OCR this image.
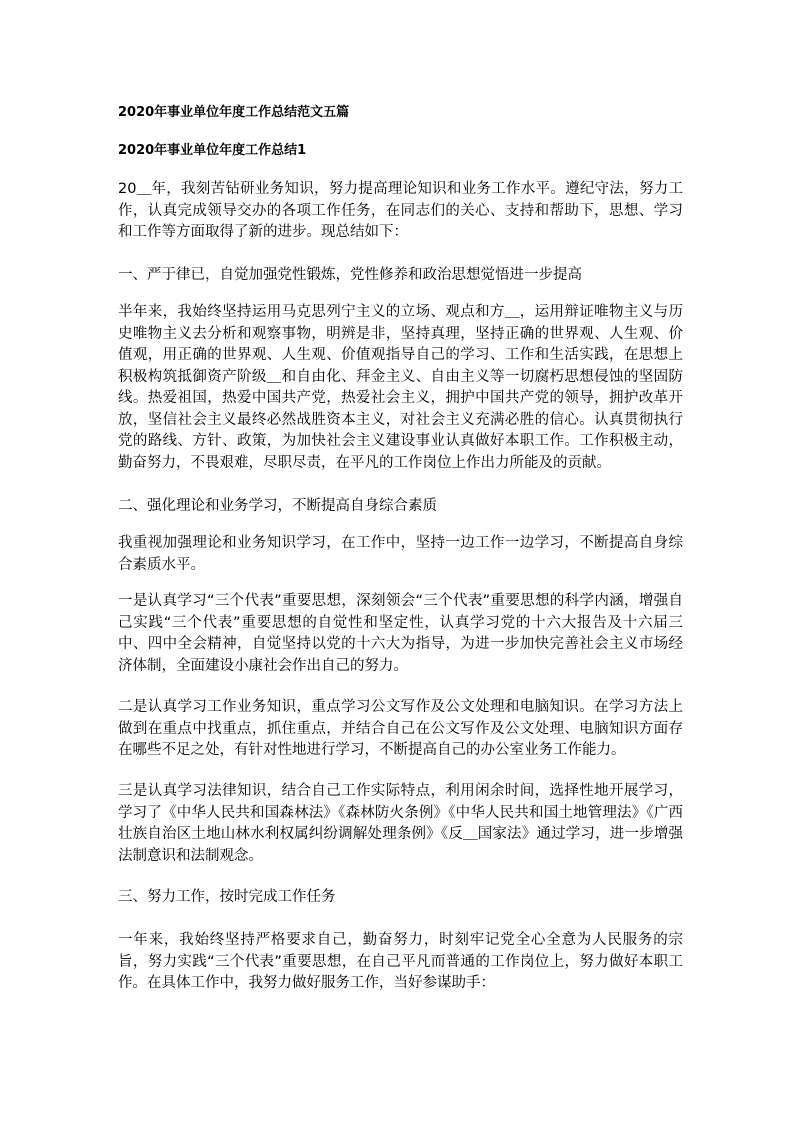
2020年事业单位年度工作总结范文五篇
2020年事业单位年度工作总结1
20＿年，我刻苦钻研业务知识，努力提高理论知识和业务工作水平。遵纪守法，努力工作，认真完成领导交办的各项工作任务，在同志们的关心、支持和帮助下，思想、学习和工作等方面取得了新的进步。现总结如下：
一、严于律已，自觉加强党性锻炼，党性修养和政治思想觉悟进一步提高
半年来，我始终坚持运用马克思列宁主义的立场、观点和方＿，运用辩证唯物主义与历史唯物主义去分析和观察事物，明辨是非，坚持真理，坚持正确的世界观、人生观、价值观，用正确的世界观、人生观、价值观指导自己的学习、工作和生活实践，在思想上积极构筑抵御资产阶级＿和自由化、拜金主义、自由主义等一切腐朽思想侵蚀的坚固防线。热爱祖国，热爱中国共产党，热爱社会主义，拥护中国共产党的领导，拥护改革开放，坚信社会主义最终必然战胜资本主义，对社会主义充满必胜的信心。认真贯彻执行党的路线、方针、政策，为加快社会主义建设事业认真做好本职工作。工作积极主动，勤奋努力，不畏艰难，尽职尽责，在平凡的工作岗位上作出力所能及的贡献。
二、强化理论和业务学习，不断提高自身综合素质
我重视加强理论和业务知识学习，在工作中，坚持一边工作一边学习，不断提高自身综合素质水平。
一是认真学习“三个代表”重要思想，深刻领会“三个代表”重要思想的科学内涵，增强自己实践“三个代表”重要思想的自觉性和坚定性，认真学习党的十六大报告及十六届三中、四中全会精神，自觉坚持以党的十六大为指导，为进一步加快完善社会主义市场经济体制，全面建设小康社会作出自己的努力。
二是认真学习工作业务知识，重点学习公文写作及公文处理和电脑知识。在学习方法上做到在重点中找重点，抓住重点，并结合自己在公文写作及公文处理、电脑知识方面存在哪些不足之处，有针对性地进行学习，不断提高自己的办公室业务工作能力。
三是认真学习法律知识，结合自己工作实际特点，利用闲余时间，选择性地开展学习，学习了《中华人民共和国森林法》《森林防火条例》《中华人民共和国土地管理法》《广西壮族自治区土地山林水利权属纠纷调解处理条例》《反＿国家法》通过学习，进一步增强法制意识和法制观念。
三、努力工作，按时完成工作任务
一年来，我始终坚持严格要求自己，勤奋努力，时刻牢记党全心全意为人民服务的宗旨，努力实践“三个代表”重要思想，在自己平凡而普通的工作岗位上，努力做好本职工作。在具体工作中，我努力做好服务工作，当好参谋助手：
